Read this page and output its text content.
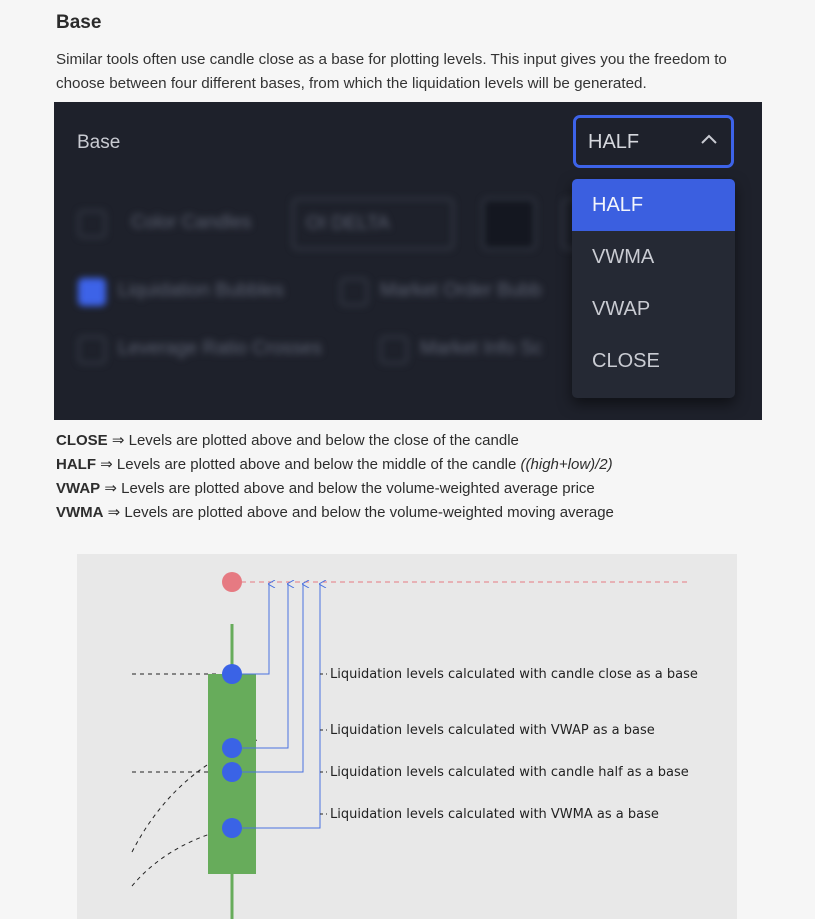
Base

Similar tools often use candle close as a base for plotting levels. This input gives you the freedom to choose between four different bases, from which the liquidation levels will be generated.

Color Candles	OI DELTA
Liquidation Bubbles	Market Order Bubb
Leverage Ratio Crosses	Market Info Sc
Base	HALF
HALF
VWMA
VWAP
CLOSE
CLOSE ⇒ Levels are plotted above and below the close of the candle
HALF ⇒ Levels are plotted above and below the middle of the candle ((high+low)/2)
VWAP ⇒ Levels are plotted above and below the volume-weighted average price
VWMA ⇒ Levels are plotted above and below the volume-weighted moving average
Liquidation levels calculated with candle close as a base
Liquidation levels calculated with VWAP as a base
Liquidation levels calculated with candle half as a base
Liquidation levels calculated with VWMA as a base
